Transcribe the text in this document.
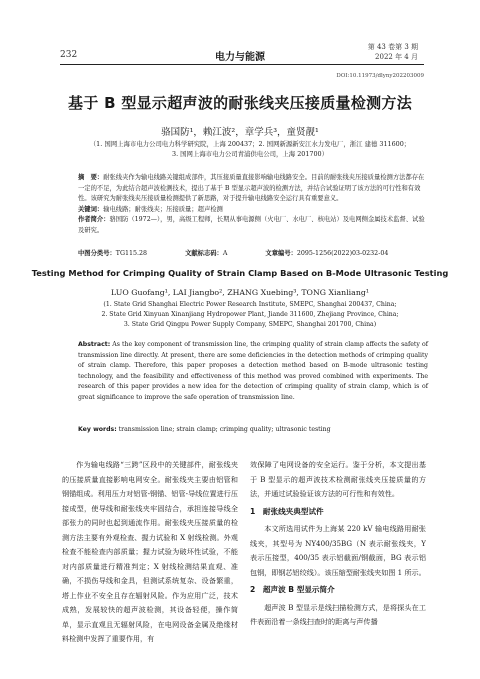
232	电力与能源
第 43 卷第 3 期
2022 年 4 月
DOI:10.11973/dlyny202203009
基于 B 型显示超声波的耐张线夹压接质量检测方法
骆国防¹，赖江波²，章学兵³，童贤靓¹
（1. 国网上海市电力公司电力科学研究院，上海 200437；2. 国网新源新安江水力发电厂，浙江 建德 311600；
3. 国网上海市电力公司青浦供电公司，上海 201700）

摘　要：耐张线夹作为输电线路关键组成部件，其压接质量直接影响输电线路安全。目前的耐张线夹压接质量检测方法都存在一定的不足，为此结合超声波检测技术，提出了基于 B 型显示超声波的检测方法，并结合试验证明了该方法的可行性和有效性。该研究为耐张线夹压接质量检测提供了新思路，对于提升输电线路安全运行具有重要意义。

关键词：输电线路；耐张线夹；压接质量；超声检测

作者简介：骆国防（1972—），男，高级工程师，长期从事电源侧（火电厂、水电厂、核电站）及电网侧金属技术监督、试验及研究。

中图分类号：TG115.28	文献标志码：A	文章编号：2095-1256(2022)03-0232-04
Testing Method for Crimping Quality of Strain Clamp Based on B-Mode Ultrasonic Testing
LUO Guofang¹, LAI Jiangbo², ZHANG Xuebing³, TONG Xianliang¹
(1. State Grid Shanghai Electric Power Research Institute, SMEPC, Shanghai 200437, China;
2. State Grid Xinyuan Xinanjiang Hydropower Plant, Jiande 311600, Zhejiang Province, China;
3. State Grid Qingpu Power Supply Company, SMEPC, Shanghai 201700, China)
Abstract: As the key component of transmission line, the crimping quality of strain clamp affects the safety of transmission line directly. At present, there are some deficiencies in the detection methods of crimping quality of strain clamp. Therefore, this paper proposes a detection method based on B-mode ultrasonic testing technology, and the feasibility and effectiveness of this method was proved combined with experiments. The research of this paper provides a new idea for the detection of crimping quality of strain clamp, which is of great significance to improve the safe operation of transmission line.
Key words: transmission line; strain clamp; crimping quality; ultrasonic testing

作为输电线路“三跨”区段中的关键部件，耐张线夹的压接质量直接影响电网安全。耐张线夹主要由铝管和钢锚组成。利用压力对铝管-钢锚、铝管-导线位置进行压接成型，使导线和耐张线夹牢固结合，承担连接导线全部张力的同时也起到通流作用。耐张线夹压接质量的检测方法主要有外观检查、握力试验和 X 射线检测。外观检查不能检查内部质量；握力试验为破坏性试验，不能对内部质量进行精准判定；X 射线检测结果直观、准确，不损伤导线和金具，但测试系统复杂、设备繁重，塔上作业不安全且存在辐射风险。作为应用广泛，技术成熟，发展较快的超声波检测，其设备轻便，操作简单，显示直观且无辐射风险，在电网设备金属及绝缘材料检测中发挥了重要作用，有

效保障了电网设备的安全运行。鉴于分析，本文提出基于 B 型显示的超声波技术检测耐张线夹压接质量的方法，并通过试验验证该方法的可行性和有效性。

1　耐张线夹典型试件

本文所选用试件为上海某 220 kV 输电线路用耐张线夹，其型号为 NY400/35BG（N 表示耐张线夹，Y 表示压接型，400/35 表示铝截面/钢截面，BG 表示铝包钢，即钢芯铝绞线）。该压缩型耐张线夹如图 1 所示。

2　超声波 B 型显示简介

超声波 B 型显示是线扫描检测方式，是将探头在工件表面沿着一条线扫查时的距离与声传播
